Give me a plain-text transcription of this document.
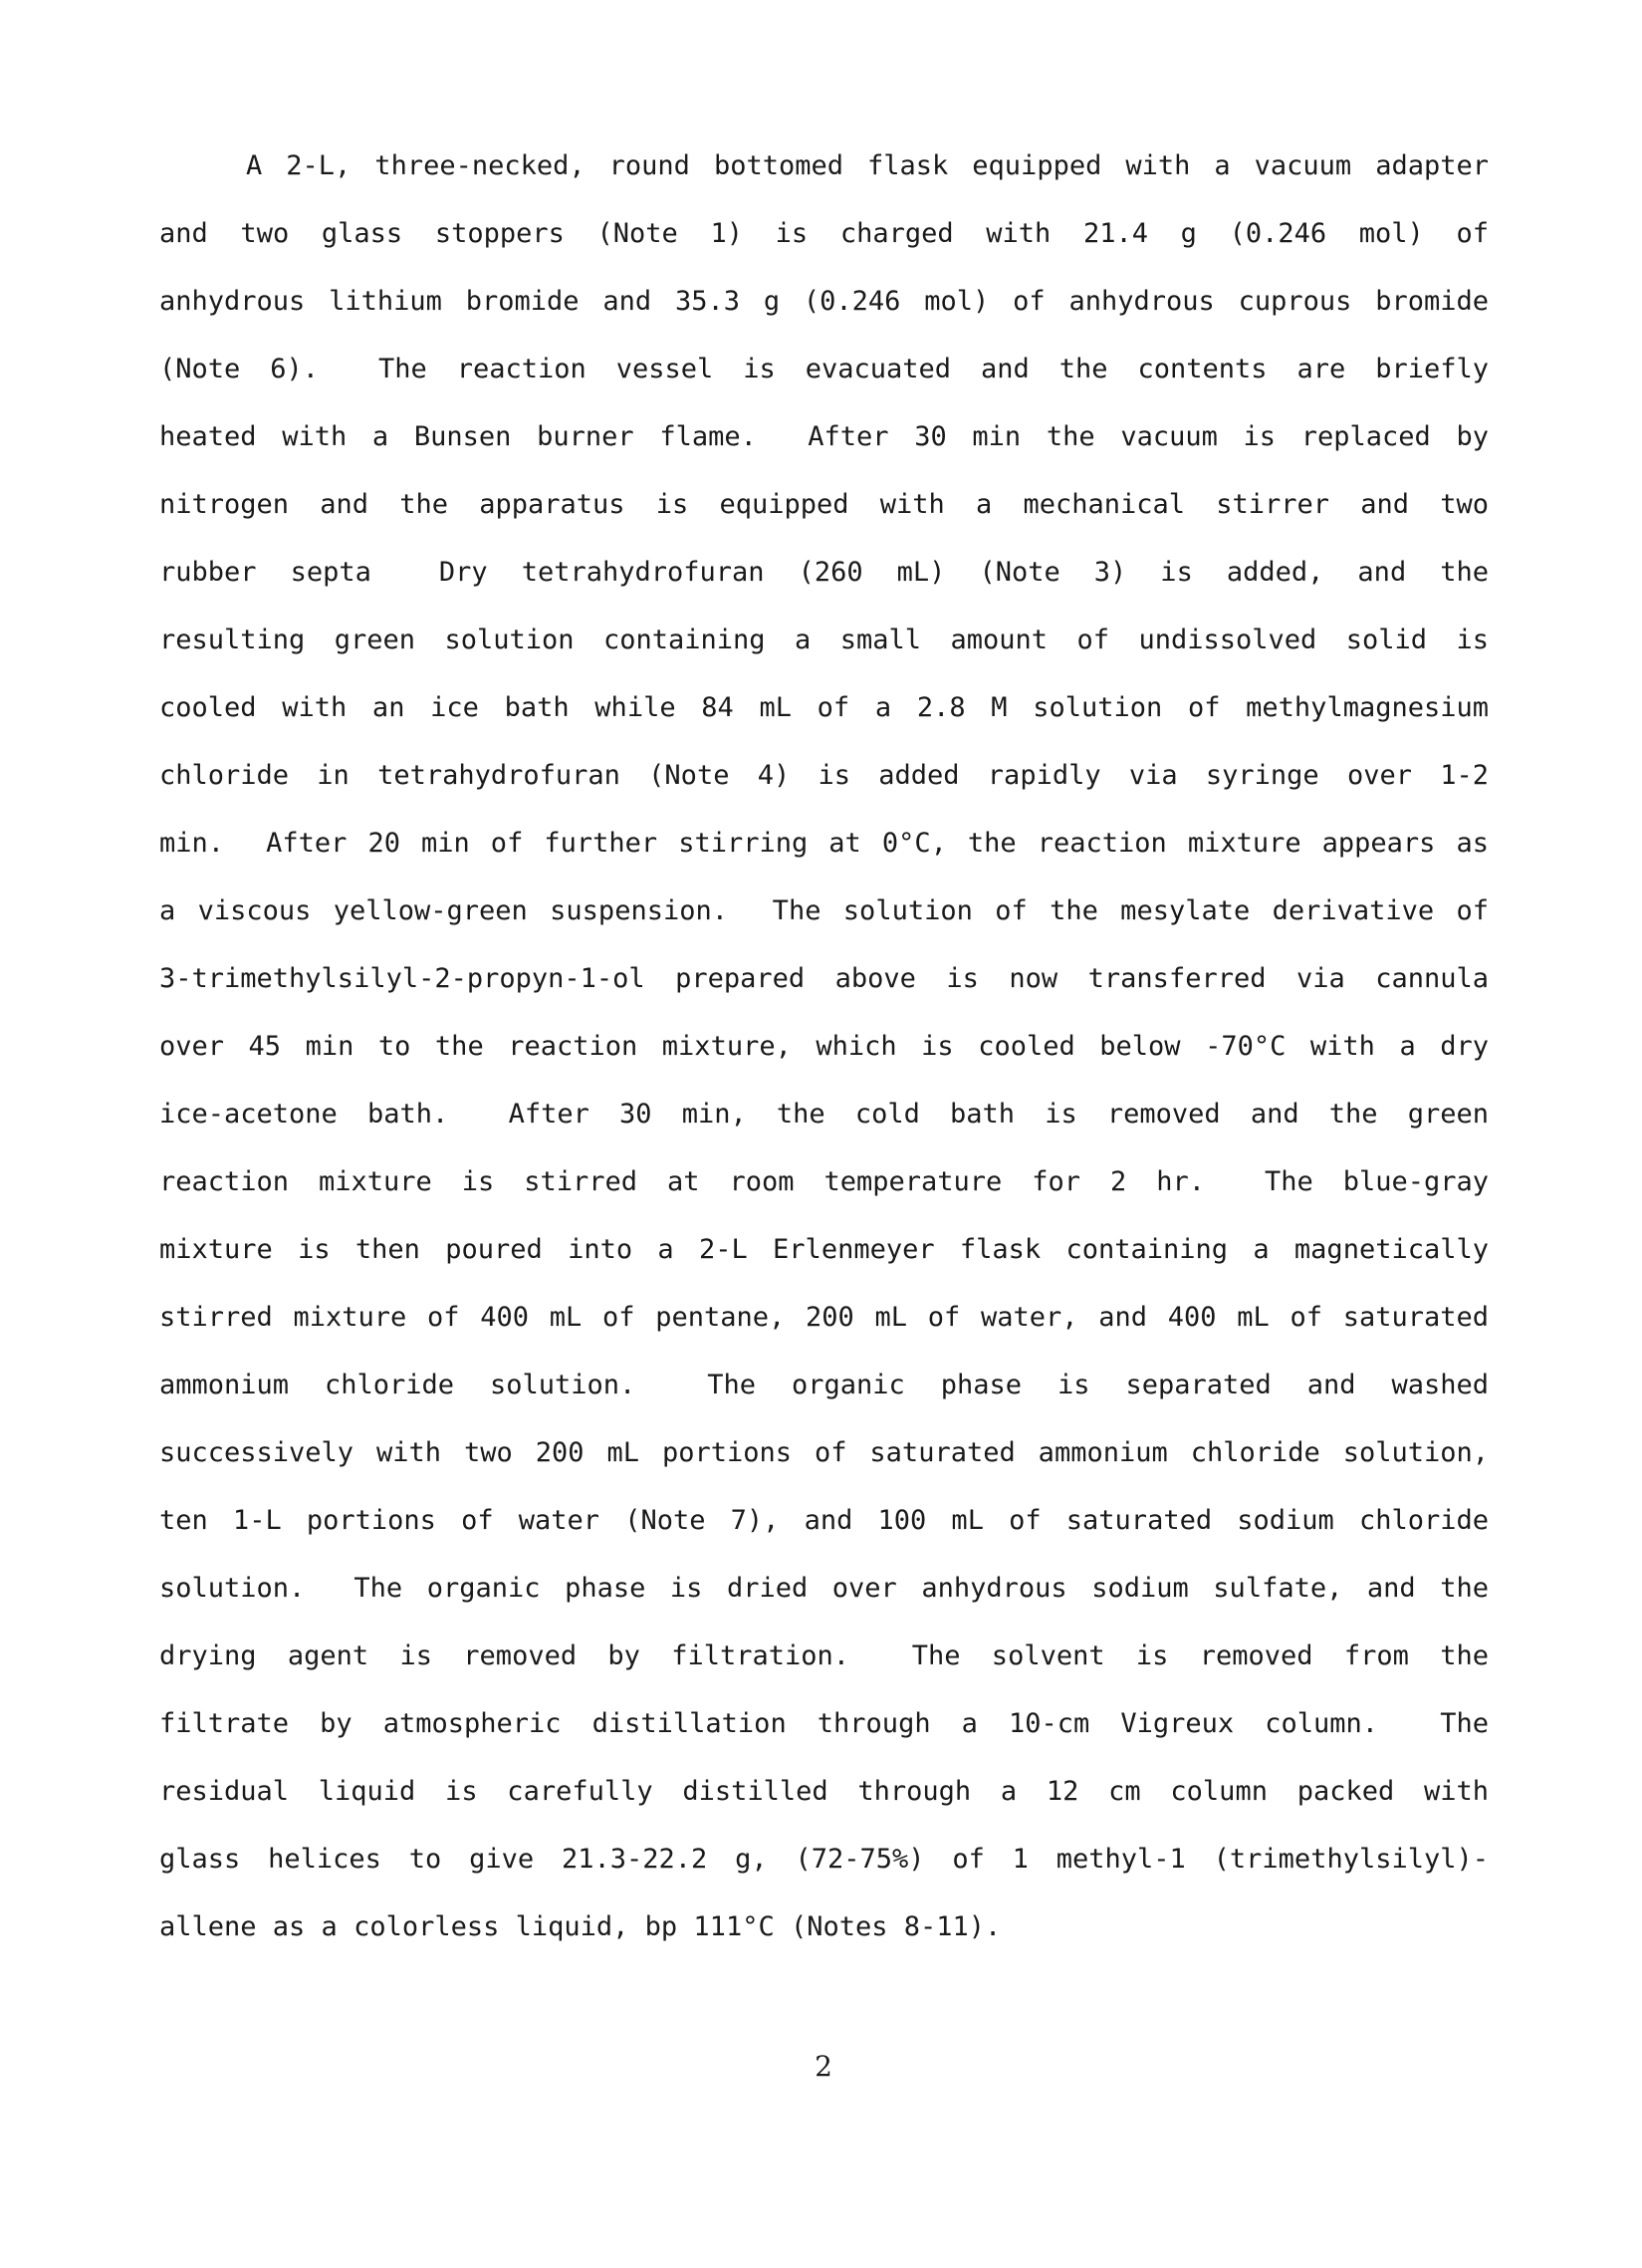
A 2-L, three-necked, round bottomed flask equipped with a vacuum adapter
and two glass stoppers (Note 1) is charged with 21.4 g (0.246 mol) of
anhydrous lithium bromide and 35.3 g (0.246 mol) of anhydrous cuprous bromide
(Note 6).  The reaction vessel is evacuated and the contents are briefly
heated with a Bunsen burner flame.  After 30 min the vacuum is replaced by
nitrogen and the apparatus is equipped with a mechanical stirrer and two
rubber septa  Dry tetrahydrofuran (260 mL) (Note 3) is added, and the
resulting green solution containing a small amount of undissolved solid is
cooled with an ice bath while 84 mL of a 2.8 M solution of methylmagnesium
chloride in tetrahydrofuran (Note 4) is added rapidly via syringe over 1-2
min.  After 20 min of further stirring at 0°C, the reaction mixture appears as
a viscous yellow-green suspension.  The solution of the mesylate derivative of
3-trimethylsilyl-2-propyn-1-ol prepared above is now transferred via cannula
over 45 min to the reaction mixture, which is cooled below -70°C with a dry
ice-acetone bath.  After 30 min, the cold bath is removed and the green
reaction mixture is stirred at room temperature for 2 hr.  The blue-gray
mixture is then poured into a 2-L Erlenmeyer flask containing a magnetically
stirred mixture of 400 mL of pentane, 200 mL of water, and 400 mL of saturated
ammonium chloride solution.  The organic phase is separated and washed
successively with two 200 mL portions of saturated ammonium chloride solution,
ten 1-L portions of water (Note 7), and 100 mL of saturated sodium chloride
solution.  The organic phase is dried over anhydrous sodium sulfate, and the
drying agent is removed by filtration.  The solvent is removed from the
filtrate by atmospheric distillation through a 10-cm Vigreux column.  The
residual liquid is carefully distilled through a 12 cm column packed with
glass helices to give 21.3-22.2 g, (72-75%) of 1 methyl-1 (trimethylsilyl)-
allene as a colorless liquid, bp 111°C (Notes 8-11).
2
